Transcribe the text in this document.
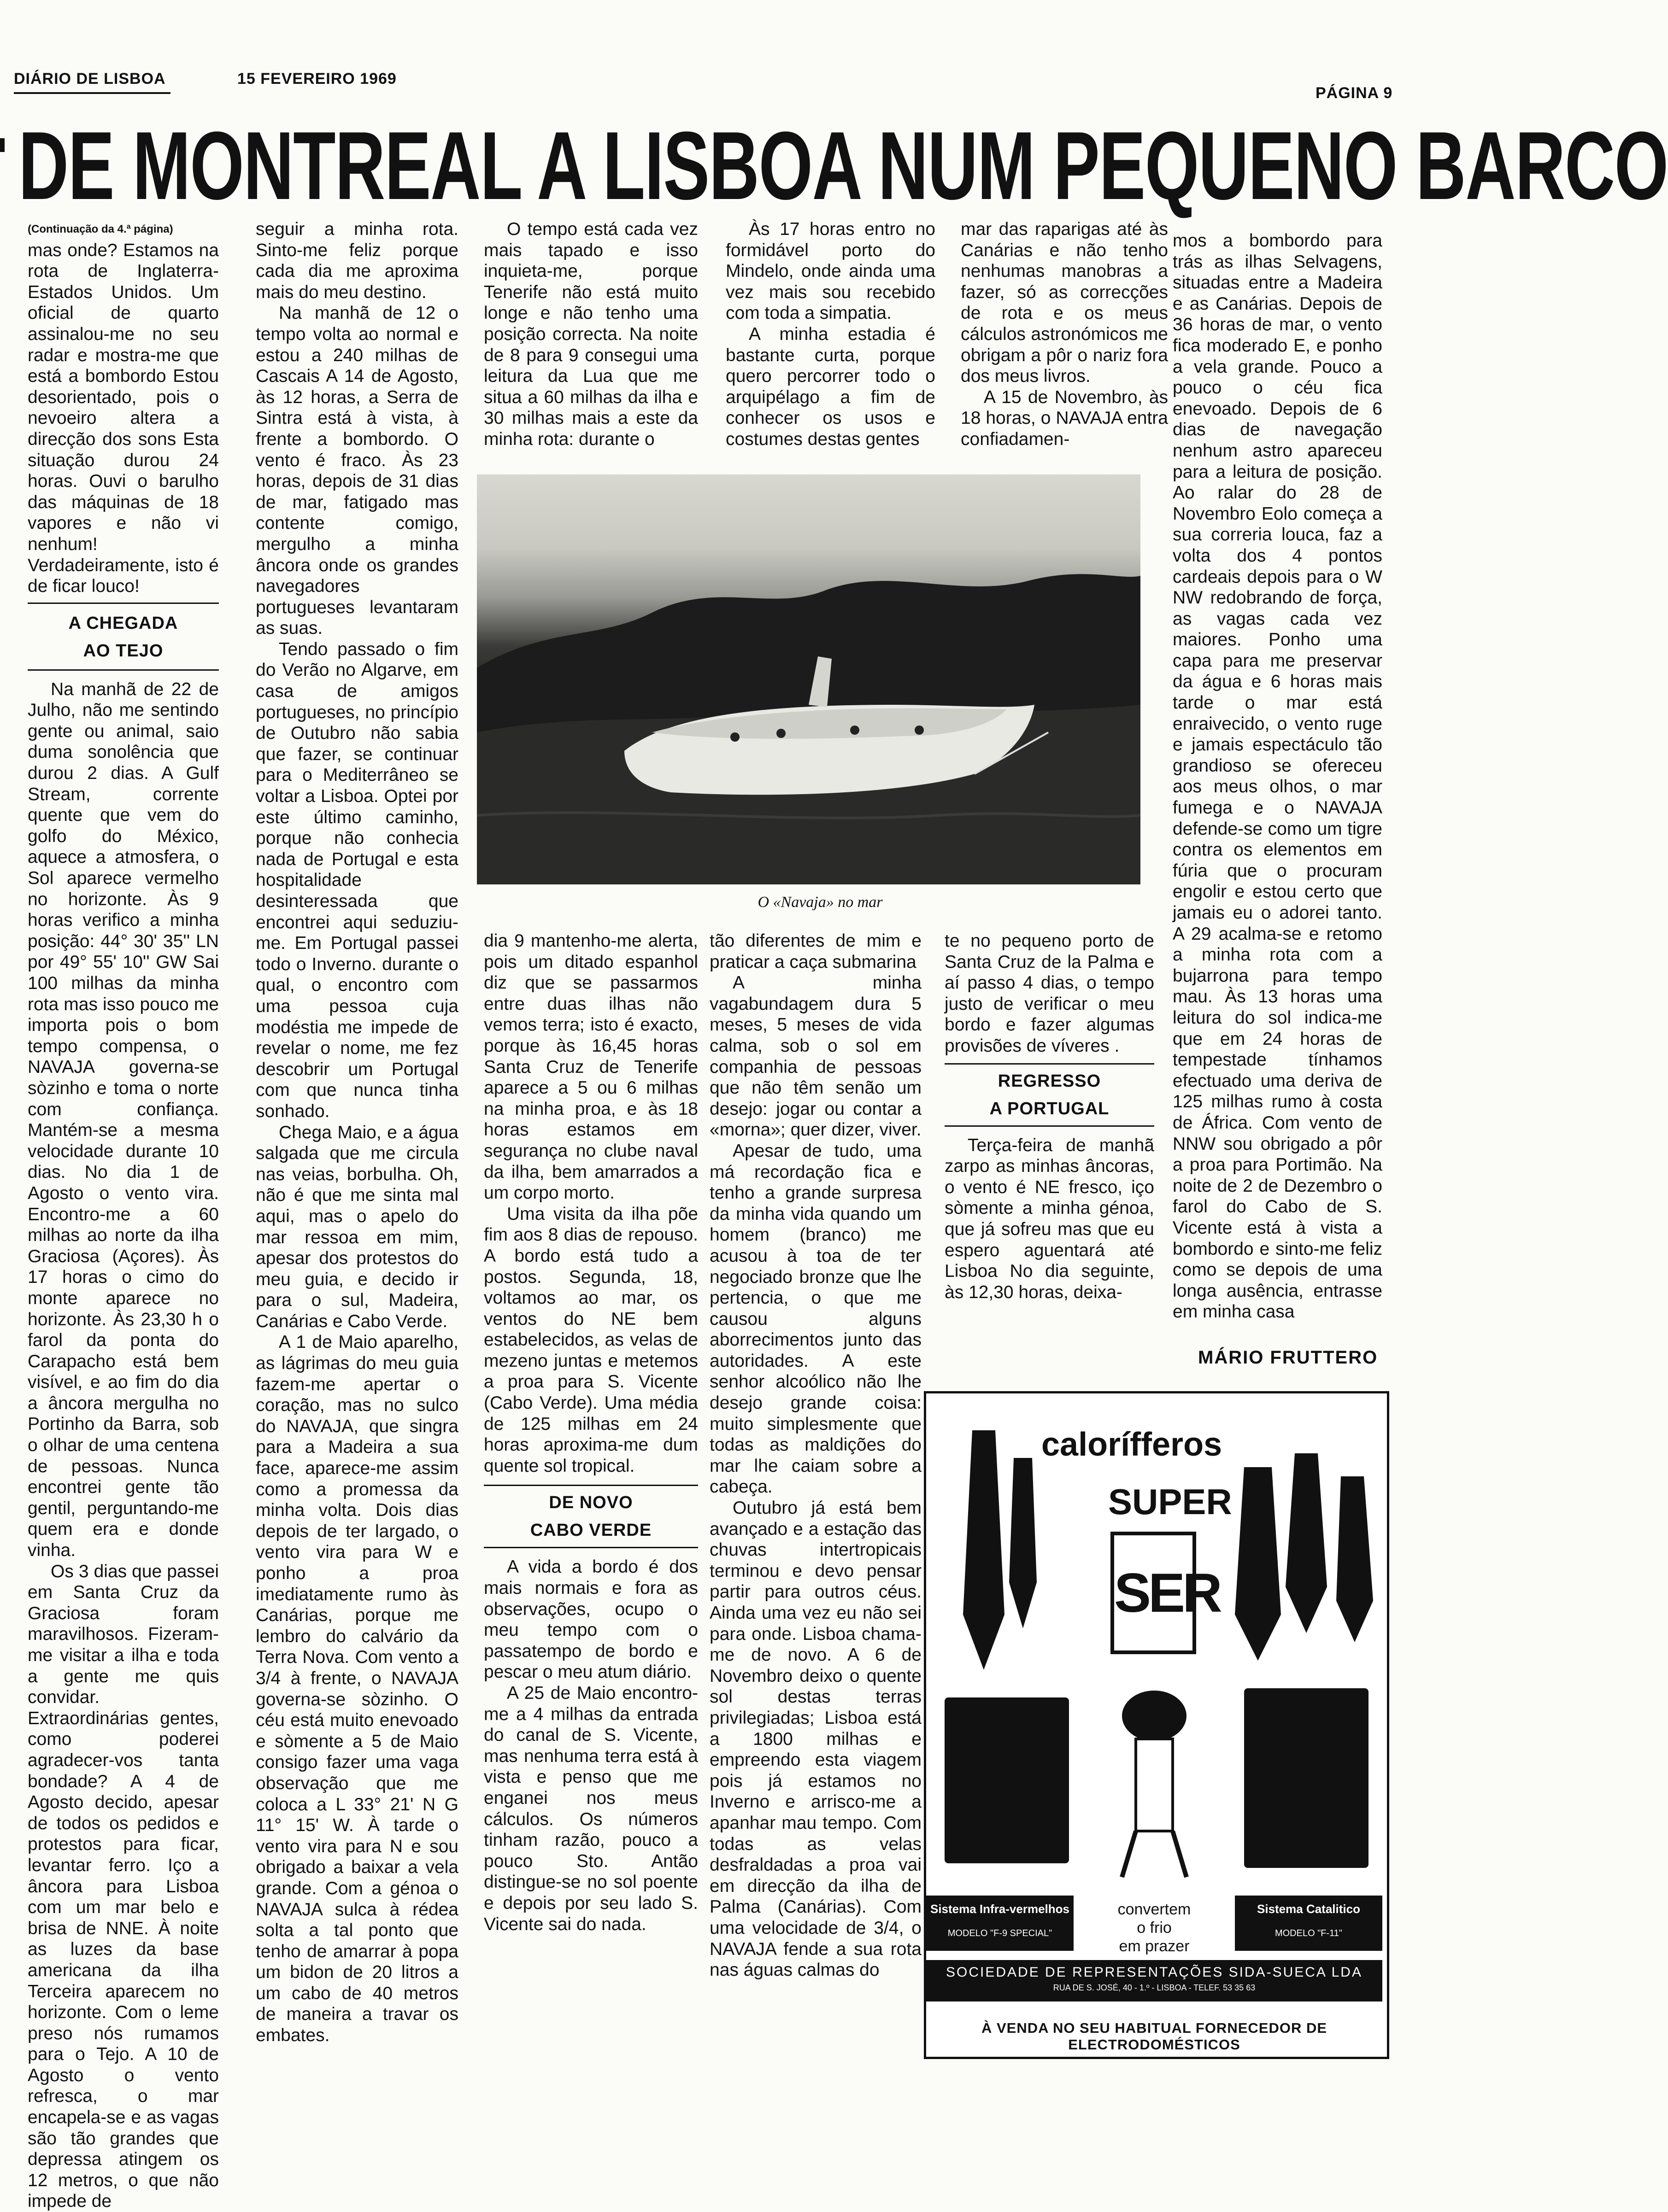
DIÁRIO DE LISBOA	15 FEVEREIRO 1969
PÁGINA 9
DE MONTREAL A LISBOA NUM PEQUENO BARCO

(Continuação da 4.ª página)

mas onde? Estamos na rota de Inglaterra-Estados Unidos. Um oficial de quarto assinalou-me no seu radar e mostra-me que está a bombordo Estou desorientado, pois o nevoeiro altera a direcção dos sons Esta situação durou 24 horas. Ouvi o barulho das máquinas de 18 vapores e não vi nenhum! Verdadeiramente, isto é de ficar louco!

A CHEGADA
AO TEJO

Na manhã de 22 de Julho, não me sentindo gente ou animal, saio duma sonolência que durou 2 dias. A Gulf Stream, corrente quente que vem do golfo do México, aquece a atmosfera, o Sol aparece vermelho no horizonte. Às 9 horas verifico a minha posição: 44° 30' 35'' LN por 49° 55' 10'' GW Sai 100 milhas da minha rota mas isso pouco me importa pois o bom tempo compensa, o NAVAJA governa-se sòzinho e toma o norte com confiança. Mantém-se a mesma velocidade durante 10 dias. No dia 1 de Agosto o vento vira. Encontro-me a 60 milhas ao norte da ilha Graciosa (Açores). Às 17 horas o cimo do monte aparece no horizonte. Às 23,30 h o farol da ponta do Carapacho está bem visível, e ao fim do dia a âncora mergulha no Portinho da Barra, sob o olhar de uma centena de pessoas. Nunca encontrei gente tão gentil, perguntando-me quem era e donde vinha.

Os 3 dias que passei em Santa Cruz da Graciosa foram maravilhosos. Fizeram-me visitar a ilha e toda a gente me quis convidar. Extraordinárias gentes, como poderei agradecer-vos tanta bondade? A 4 de Agosto decido, apesar de todos os pedidos e protestos para ficar, levantar ferro. Iço a âncora para Lisboa com um mar belo e brisa de NNE. À noite as luzes da base americana da ilha Terceira aparecem no horizonte. Com o leme preso nós rumamos para o Tejo. A 10 de Agosto o vento refresca, o mar encapela-se e as vagas são tão grandes que depressa atingem os 12 metros, o que não impede de

seguir a minha rota. Sinto-me feliz porque cada dia me aproxima mais do meu destino.

Na manhã de 12 o tempo volta ao normal e estou a 240 milhas de Cascais A 14 de Agosto, às 12 horas, a Serra de Sintra está à vista, à frente a bombordo. O vento é fraco. Às 23 horas, depois de 31 dias de mar, fatigado mas contente comigo, mergulho a minha âncora onde os grandes navegadores portugueses levantaram as suas.

Tendo passado o fim do Verão no Algarve, em casa de amigos portugueses, no princípio de Outubro não sabia que fazer, se continuar para o Mediterrâneo se voltar a Lisboa. Optei por este último caminho, porque não conhecia nada de Portugal e esta hospitalidade desinteressada que encontrei aqui seduziu-me. Em Portugal passei todo o Inverno. durante o qual, o encontro com uma pessoa cuja modéstia me impede de revelar o nome, me fez descobrir um Portugal com que nunca tinha sonhado.

Chega Maio, e a água salgada que me circula nas veias, borbulha. Oh, não é que me sinta mal aqui, mas o apelo do mar ressoa em mim, apesar dos protestos do meu guia, e decido ir para o sul, Madeira, Canárias e Cabo Verde.

A 1 de Maio aparelho, as lágrimas do meu guia fazem-me apertar o coração, mas no sulco do NAVAJA, que singra para a Madeira a sua face, aparece-me assim como a promessa da minha volta. Dois dias depois de ter largado, o vento vira para W e ponho a proa imediatamente rumo às Canárias, porque me lembro do calvário da Terra Nova. Com vento a 3/4 à frente, o NAVAJA governa-se sòzinho. O céu está muito enevoado e sòmente a 5 de Maio consigo fazer uma vaga observação que me coloca a L 33° 21' N G 11° 15' W. À tarde o vento vira para N e sou obrigado a baixar a vela grande. Com a génoa o NAVAJA sulca à rédea solta a tal ponto que tenho de amarrar à popa um bidon de 20 litros a um cabo de 40 metros de maneira a travar os embates.

O tempo está cada vez mais tapado e isso inquieta-me, porque Tenerife não está muito longe e não tenho uma posição correcta. Na noite de 8 para 9 consegui uma leitura da Lua que me situa a 60 milhas da ilha e 30 milhas mais a este da minha rota: durante o

Às 17 horas entro no formidável porto do Mindelo, onde ainda uma vez mais sou recebido com toda a simpatia.

A minha estadia é bastante curta, porque quero percorrer todo o arquipélago a fim de conhecer os usos e costumes destas gentes

mar das raparigas até às Canárias e não tenho nenhumas manobras a fazer, só as correcções de rota e os meus cálculos astronómicos me obrigam a pôr o nariz fora dos meus livros.

A 15 de Novembro, às 18 horas, o NAVAJA entra confiadamen-

O «Navaja» no mar

dia 9 mantenho-me alerta, pois um ditado espanhol diz que se passarmos entre duas ilhas não vemos terra; isto é exacto, porque às 16,45 horas Santa Cruz de Tenerife aparece a 5 ou 6 milhas na minha proa, e às 18 horas estamos em segurança no clube naval da ilha, bem amarrados a um corpo morto.

Uma visita da ilha põe fim aos 8 dias de repouso. A bordo está tudo a postos. Segunda, 18, voltamos ao mar, os ventos do NE bem estabelecidos, as velas de mezeno juntas e metemos a proa para S. Vicente (Cabo Verde). Uma média de 125 milhas em 24 horas aproxima-me dum quente sol tropical.

DE NOVO
CABO VERDE

A vida a bordo é dos mais normais e fora as observações, ocupo o meu tempo com o passatempo de bordo e pescar o meu atum diário.

A 25 de Maio encontro-me a 4 milhas da entrada do canal de S. Vicente, mas nenhuma terra está à vista e penso que me enganei nos meus cálculos. Os números tinham razão, pouco a pouco Sto. Antão distingue-se no sol poente e depois por seu lado S. Vicente sai do nada.

tão diferentes de mim e praticar a caça submarina

A minha vagabundagem dura 5 meses, 5 meses de vida calma, sob o sol em companhia de pessoas que não têm senão um desejo: jogar ou contar a «morna»; quer dizer, viver.

Apesar de tudo, uma má recordação fica e tenho a grande surpresa da minha vida quando um homem (branco) me acusou à toa de ter negociado bronze que lhe pertencia, o que me causou alguns aborrecimentos junto das autoridades. A este senhor alcoólico não lhe desejo grande coisa: muito simplesmente que todas as maldições do mar lhe caiam sobre a cabeça.

Outubro já está bem avançado e a estação das chuvas intertropicais terminou e devo pensar partir para outros céus. Ainda uma vez eu não sei para onde. Lisboa chama-me de novo. A 6 de Novembro deixo o quente sol destas terras privilegiadas; Lisboa está a 1800 milhas e empreendo esta viagem pois já estamos no Inverno e arrisco-me a apanhar mau tempo. Com todas as velas desfraldadas a proa vai em direcção da ilha de Palma (Canárias). Com uma velocidade de 3/4, o NAVAJA fende a sua rota nas águas calmas do

te no pequeno porto de Santa Cruz de la Palma e aí passo 4 dias, o tempo justo de verificar o meu bordo e fazer algumas provisões de víveres .

REGRESSO
A PORTUGAL

Terça-feira de manhã zarpo as minhas âncoras, o vento é NE fresco, iço sòmente a minha génoa, que já sofreu mas que eu espero aguentará até Lisboa No dia seguinte, às 12,30 horas, deixa-

mos a bombordo para trás as ilhas Selvagens, situadas entre a Madeira e as Canárias. Depois de 36 horas de mar, o vento fica moderado E, e ponho a vela grande. Pouco a pouco o céu fica enevoado. Depois de 6 dias de navegação nenhum astro apareceu para a leitura de posição. Ao ralar do 28 de Novembro Eolo começa a sua correria louca, faz a volta dos 4 pontos cardeais depois para o W NW redobrando de força, as vagas cada vez maiores. Ponho uma capa para me preservar da água e 6 horas mais tarde o mar está enraivecido, o vento ruge e jamais espectáculo tão grandioso se ofereceu aos meus olhos, o mar fumega e o NAVAJA defende-se como um tigre contra os elementos em fúria que o procuram engolir e estou certo que jamais eu o adorei tanto. A 29 acalma-se e retomo a minha rota com a bujarrona para tempo mau. Às 13 horas uma leitura do sol indica-me que em 24 horas de tempestade tínhamos efectuado uma deriva de 125 milhas rumo à costa de África. Com vento de NNW sou obrigado a pôr a proa para Portimão. Na noite de 2 de Dezembro o farol do Cabo de S. Vicente está à vista a bombordo e sinto-me feliz como se depois de uma longa ausência, entrasse em minha casa

MÁRIO FRUTTERO
calorífferos
SUPER
SER
Sistema Infra-vermelhos
MODELO "F-9 SPECIAL"
convertem
o frio
em prazer
Sistema Catalitico
MODELO "F-11"
SOCIEDADE DE REPRESENTAÇÕES SIDA-SUECA LDA
RUA DE S. JOSÉ, 40 - 1.º - LISBOA - TELEF. 53 35 63
À VENDA NO SEU HABITUAL FORNECEDOR DE ELECTRODOMÉSTICOS
